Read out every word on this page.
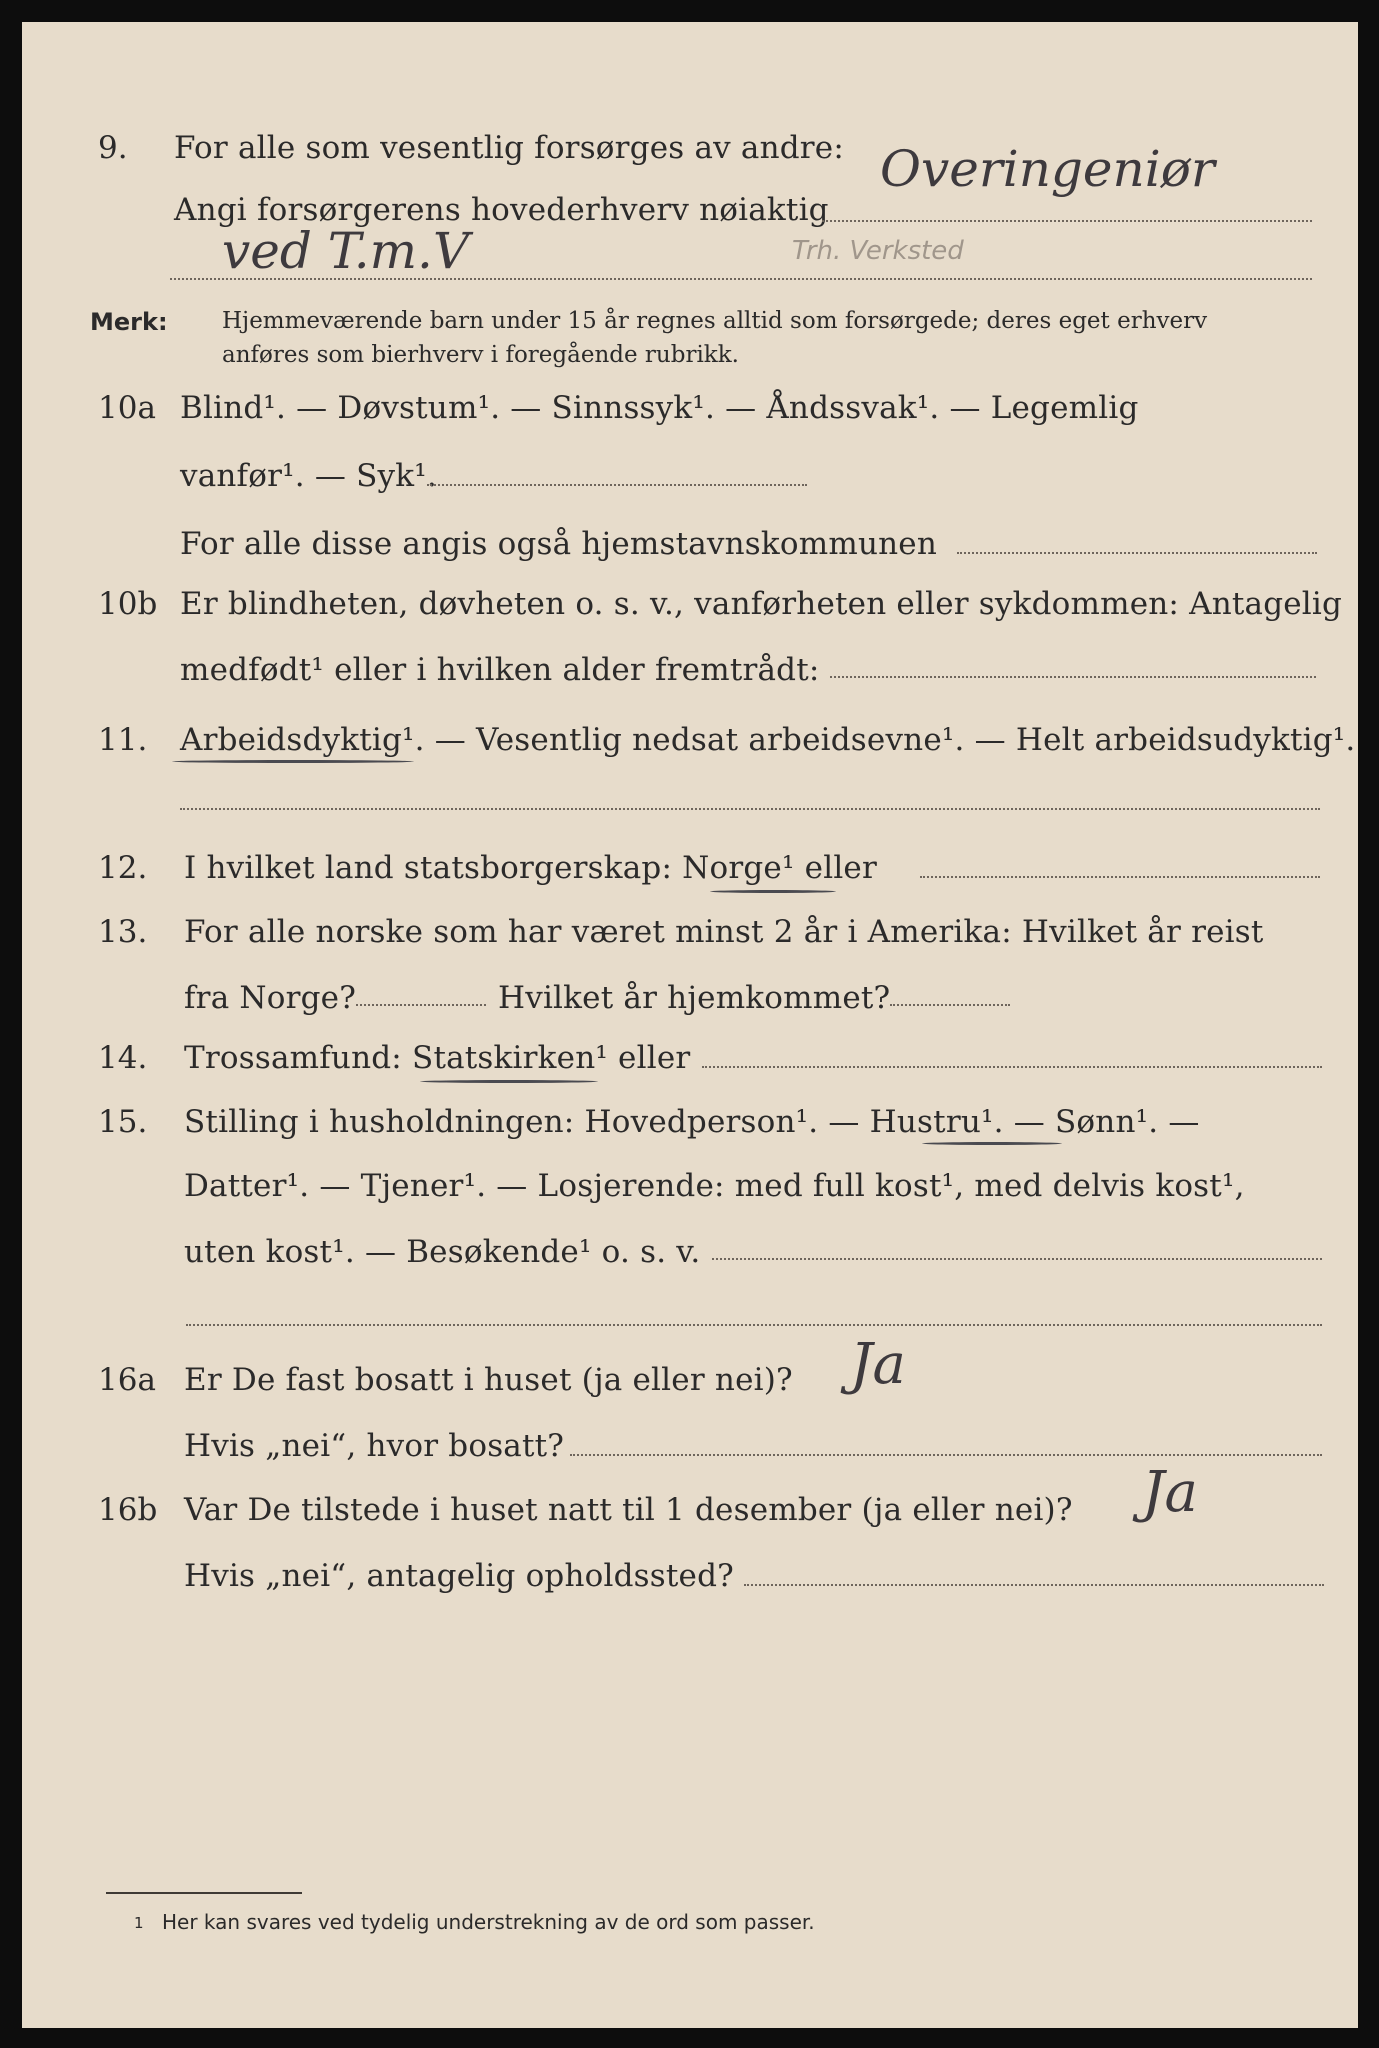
9. For alle som vesentlig forsørges av andre:
Angi forsørgerens hovederhverv nøiaktig
Overingeniør
ved T.m.V	Trh. Verksted
Merk: Hjemmeværende barn under 15 år regnes alltid som forsørgede; deres eget erhverv
anføres som bierhverv i foregående rubrikk.
10a Blind¹. — Døvstum¹. — Sinnssyk¹. — Åndssvak¹. — Legemlig
vanfør¹. — Syk¹.
For alle disse angis også hjemstavnskommunen
10b Er blindheten, døvheten o. s. v., vanførheten eller sykdommen: Antagelig
medfødt¹ eller i hvilken alder fremtrådt:
11. Arbeidsdyktig¹. — Vesentlig nedsat arbeidsevne¹. — Helt arbeidsudyktig¹.
12. I hvilket land statsborgerskap: Norge¹ eller
13. For alle norske som har været minst 2 år i Amerika: Hvilket år reist
fra Norge?	Hvilket år hjemkommet?
14. Trossamfund: Statskirken¹ eller
15. Stilling i husholdningen: Hovedperson¹. — Hustru¹. — Sønn¹. —
Datter¹. — Tjener¹. — Losjerende: med full kost¹, med delvis kost¹,
uten kost¹. — Besøkende¹ o. s. v.
16a Er De fast bosatt i huset (ja eller nei)? Ja
Hvis „nei“, hvor bosatt?
16b Var De tilstede i huset natt til 1 desember (ja eller nei)? Ja
Hvis „nei“, antagelig opholdssted?
1 Her kan svares ved tydelig understrekning av de ord som passer.
